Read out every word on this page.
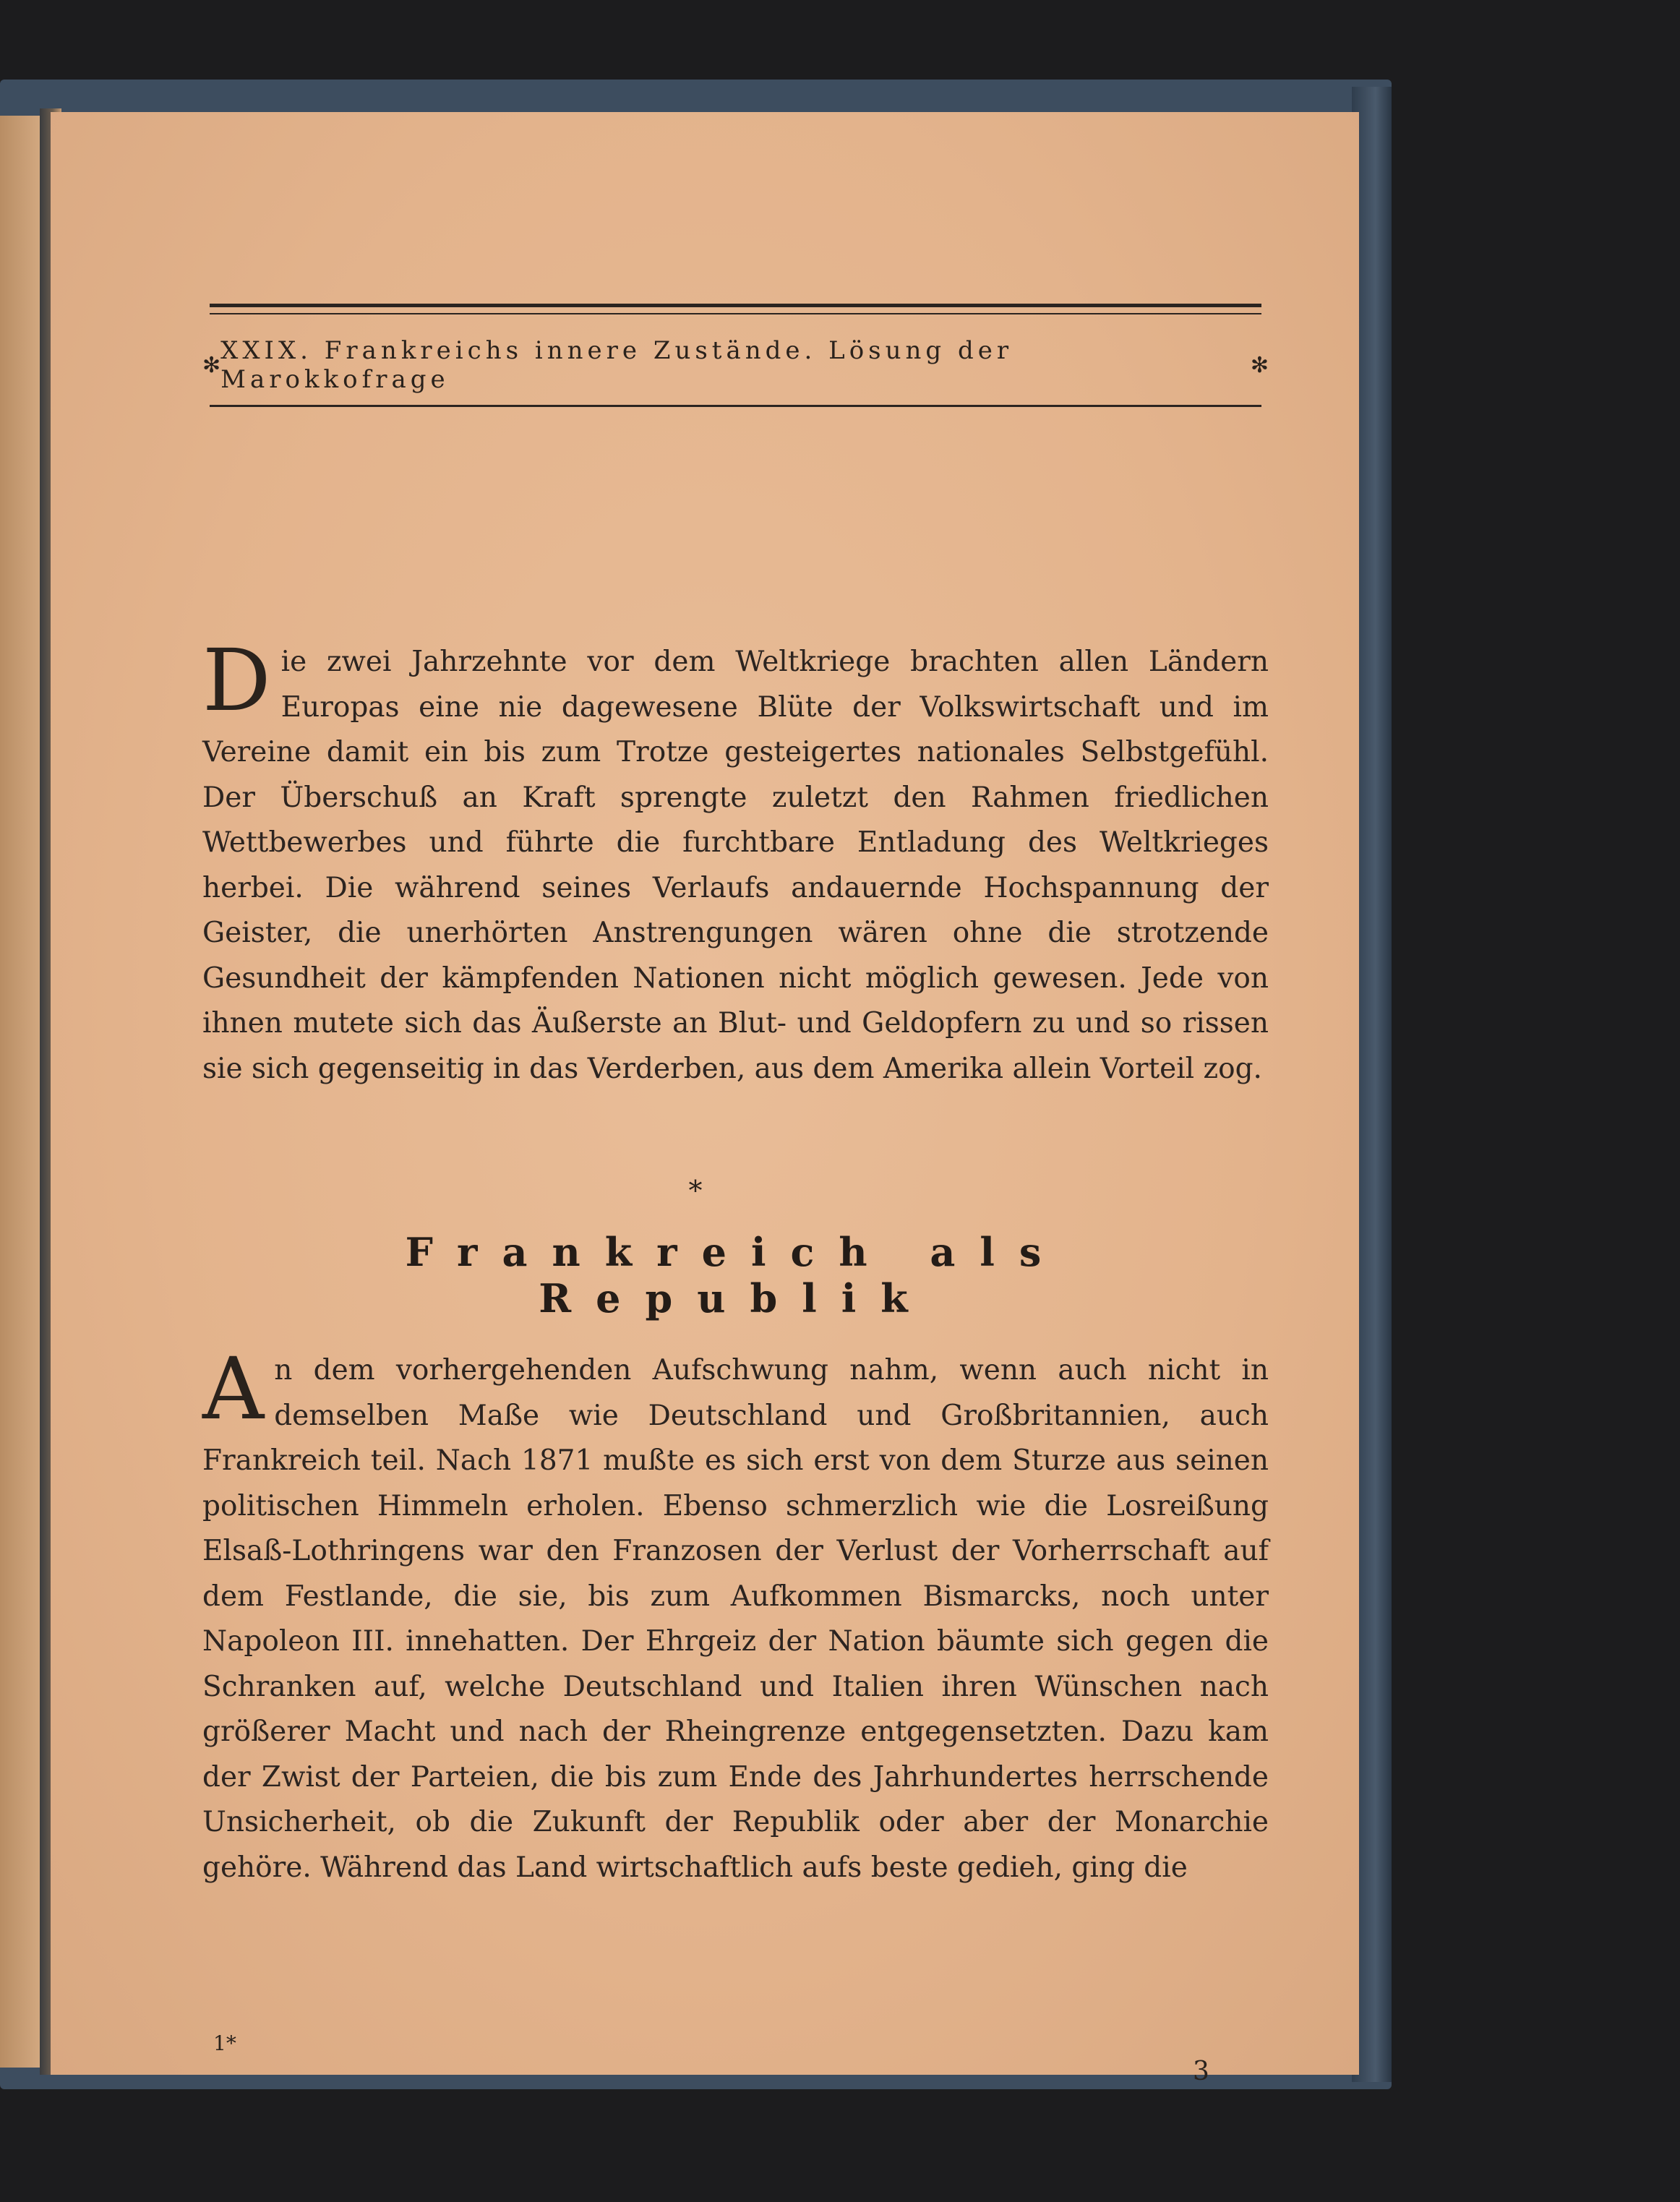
✻ XXIX. Frankreichs innere Zustände. Lösung der Marokkofrage	✻

Die zwei Jahrzehnte vor dem Weltkriege brachten allen Ländern Europas eine nie dagewesene Blüte der Volkswirtschaft und im Vereine damit ein bis zum Trotze gesteigertes nationales Selbstgefühl. Der Überschuß an Kraft sprengte zuletzt den Rahmen friedlichen Wettbewerbes und führte die furchtbare Entladung des Weltkrieges herbei. Die während seines Verlaufs andauernde Hochspannung der Geister, die unerhörten Anstrengungen wären ohne die strotzende Gesundheit der kämpfenden Nationen nicht möglich gewesen. Jede von ihnen mutete sich das Äußerste an Blut- und Geldopfern zu und so rissen sie sich gegenseitig in das Verderben, aus dem Amerika allein Vorteil zog.

*
Frankreich als Republik

An dem vorhergehenden Aufschwung nahm, wenn auch nicht in demselben Maße wie Deutschland und Großbritannien, auch Frankreich teil. Nach 1871 mußte es sich erst von dem Sturze aus seinen politischen Himmeln erholen. Ebenso schmerzlich wie die Losreißung Elsaß-Lothringens war den Franzosen der Verlust der Vorherrschaft auf dem Festlande, die sie, bis zum Aufkommen Bismarcks, noch unter Napoleon III. innehatten. Der Ehrgeiz der Nation bäumte sich gegen die Schranken auf, welche Deutschland und Italien ihren Wünschen nach größerer Macht und nach der Rheingrenze entgegensetzten. Dazu kam der Zwist der Parteien, die bis zum Ende des Jahrhundertes herrschende Unsicherheit, ob die Zukunft der Republik oder aber der Monarchie gehöre. Während das Land wirtschaftlich aufs beste gedieh, ging die

1*
3
